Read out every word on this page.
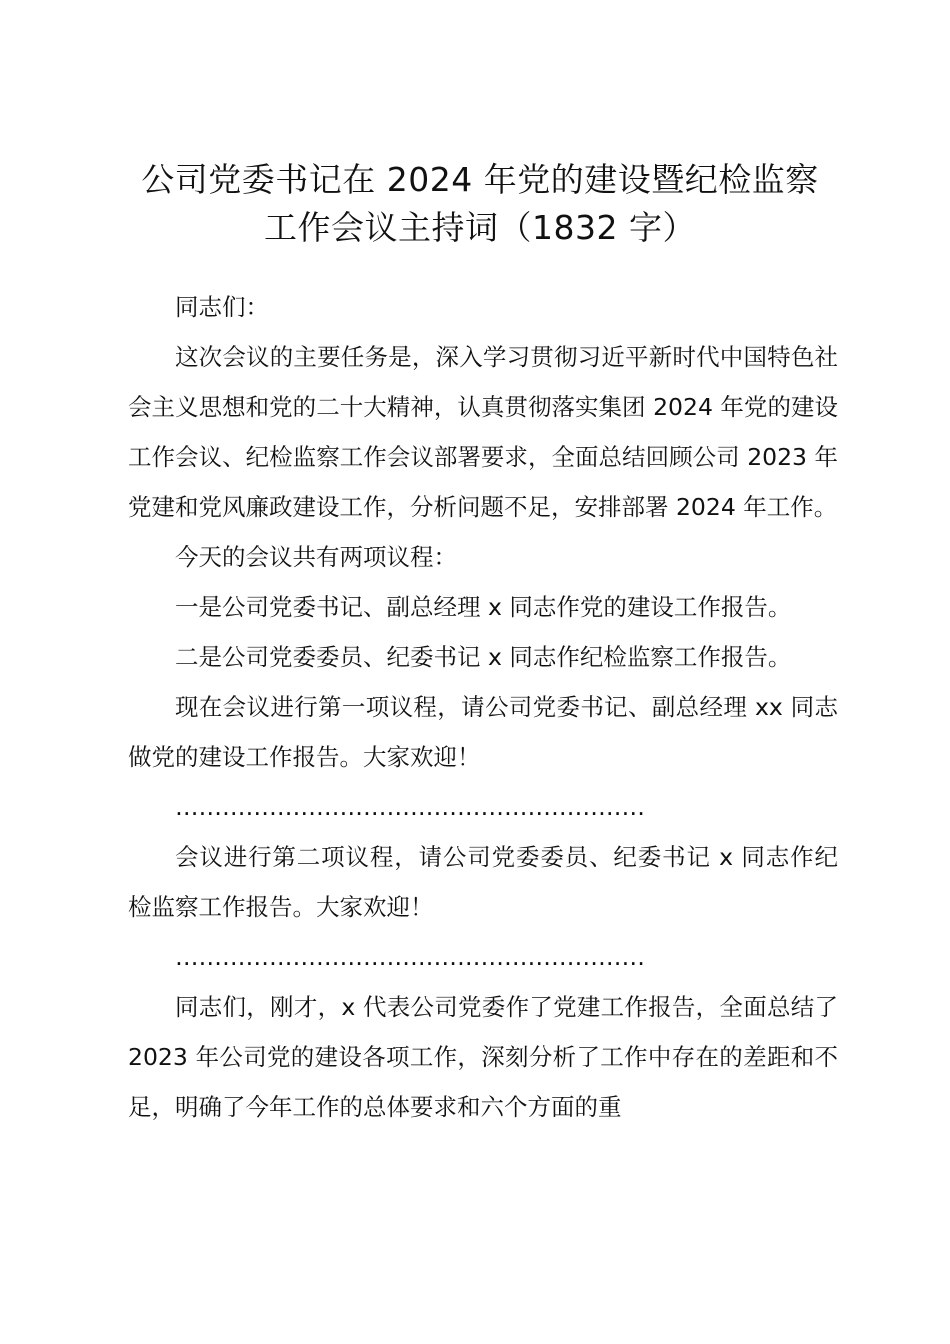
公司党委书记在 2024 年党的建设暨纪检监察
工作会议主持词（1832 字）

同志们：

这次会议的主要任务是，深入学习贯彻习近平新时代中国特色社会主义思想和党的二十大精神，认真贯彻落实集团 2024 年党的建设工作会议、纪检监察工作会议部署要求，全面总结回顾公司 2023 年党建和党风廉政建设工作，分析问题不足，安排部署 2024 年工作。

今天的会议共有两项议程：

一是公司党委书记、副总经理 x 同志作党的建设工作报告。

二是公司党委委员、纪委书记 x 同志作纪检监察工作报告。

现在会议进行第一项议程，请公司党委书记、副总经理 xx 同志做党的建设工作报告。大家欢迎！

……………………………………………………

会议进行第二项议程，请公司党委委员、纪委书记 x 同志作纪检监察工作报告。大家欢迎！

……………………………………………………

同志们，刚才，x 代表公司党委作了党建工作报告，全面总结了 2023 年公司党的建设各项工作，深刻分析了工作中存在的差距和不足，明确了今年工作的总体要求和六个方面的重
